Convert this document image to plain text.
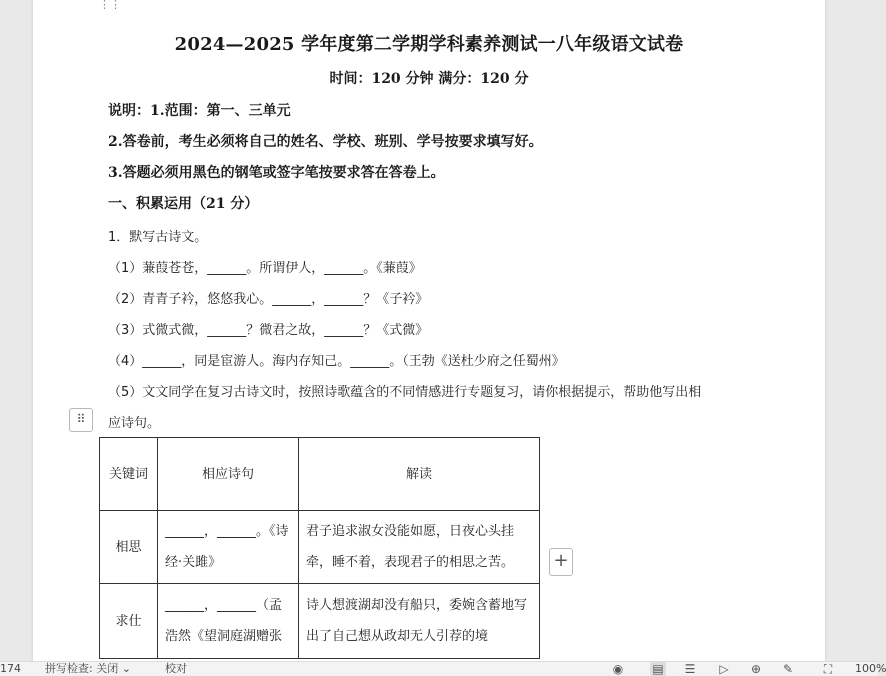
⋮⋮
2024—2025 学年度第二学期学科素养测试一八年级语文试卷
时间：120 分钟 满分：120 分
说明：1.范围：第一、三单元
2.答卷前，考生必须将自己的姓名、学校、班别、学号按要求填写好。
3.答题必须用黑色的钢笔或签字笔按要求答在答卷上。
一、积累运用（21 分）
1．默写古诗文。
（1）蒹葭苍苍，______。所谓伊人，______。《蒹葭》
（2）青青子衿，悠悠我心。______，______？《子衿》
（3）式微式微，______？微君之故，______？《式微》
（4）______，同是宦游人。海内存知己。______。（王勃《送杜少府之任蜀州》
（5）文文同学在复习古诗文时，按照诗歌蕴含的不同情感进行专题复习，请你根据提示，帮助他写出相
应诗句。
⠿
关键词	相应诗句	解读
相思	______，______。《诗经·关雎》	君子追求淑女没能如愿，日夜心头挂牵，睡不着，表现君子的相思之苦。
求仕	______，______（孟浩然《望洞庭湖赠张	诗人想渡湖却没有船只，委婉含蓄地写出了自己想从政却无人引荐的境
+
174 拼写检查: 关闭 ⌄	校对	◉ ▤ ☰ ▷ ⊕ ✎	⛶	100%
